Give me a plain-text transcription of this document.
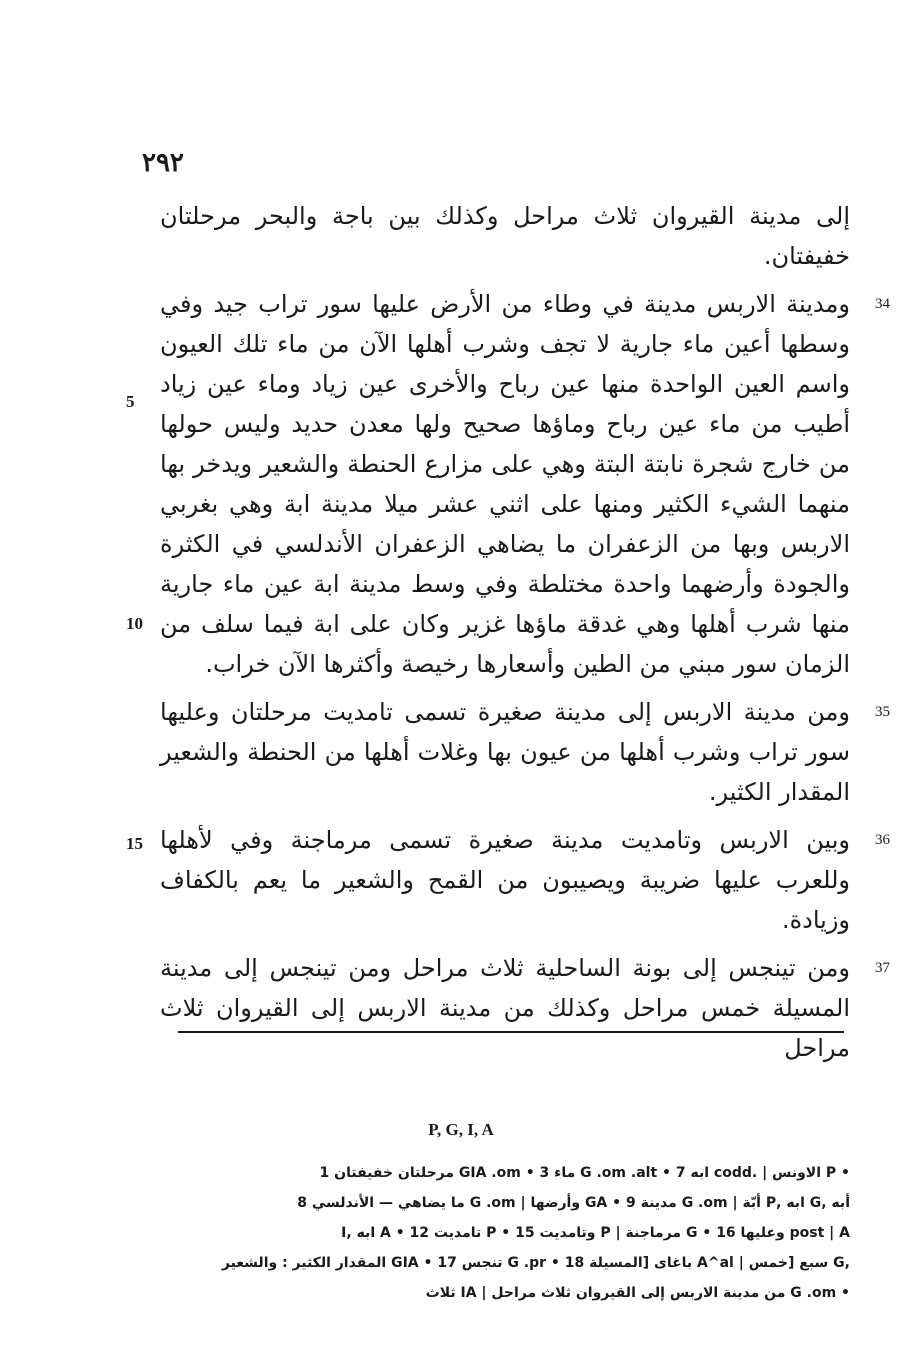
٢٩٢
إلى مدينة القيروان ثلاث مراحل وكذلك بين باجة والبحر مرحلتان خفيفتان.
34
ومدينة الاربس مدينة في وطاء من الأرض عليها سور تراب جيد وفي وسطها أعين ماء جارية لا تجف وشرب أهلها الآن من ماء تلك العيون واسم العين الواحدة منها عين رباح والأخرى عين زياد وماء عين زياد أطيب من ماء عين رباح وماؤها صحيح ولها معدن حديد وليس حولها من خارج شجرة نابتة البتة وهي على مزارع الحنطة والشعير ويدخر بها منهما الشيء الكثير ومنها على اثني عشر ميلا مدينة ابة وهي بغربي الاربس وبها من الزعفران ما يضاهي الزعفران الأندلسي في الكثرة والجودة وأرضهما واحدة مختلطة وفي وسط مدينة ابة عين ماء جارية منها شرب أهلها وهي غدقة ماؤها غزير وكان على ابة فيما سلف من الزمان سور مبني من الطين وأسعارها رخيصة وأكثرها الآن خراب.
35
ومن مدينة الاربس إلى مدينة صغيرة تسمى تامديت مرحلتان وعليها سور تراب وشرب أهلها من عيون بها وغلات أهلها من الحنطة والشعير المقدار الكثير.
36
وبين الاربس وتامديت مدينة صغيرة تسمى مرماجنة وفي لأهلها وللعرب عليها ضريبة ويصيبون من القمح والشعير ما يعم بالكفاف وزيادة.
37
ومن تينجس إلى بونة الساحلية ثلاث مراحل ومن تينجس إلى مدينة المسيلة خمس مراحل وكذلك من مدينة الاربس إلى القيروان ثلاث مراحل
5
10
15
P, G, I, A
• P الاونس | .codd ابه 7 • G .om .alt ماء 3 • GIA .om مرحلتان خفيفتان 1
أبه ,G ابه ,P أبّة | G .om مدينة 9 • GA وأرضها | G .om ما يضاهي — الأندلسي 8
post | A وعليها 16 • G مرماجنة | P وتامديت 15 • P تامديت 12 • A ابه ,I
,G سبع [خمس | A^al باغاى [المسيلة 18 • G .pr تنجس 17 • GIA المقدار الكثير : والشعير
• G .om من مدينة الاربس إلى القيروان ثلاث مراحل | IA ثلاث
